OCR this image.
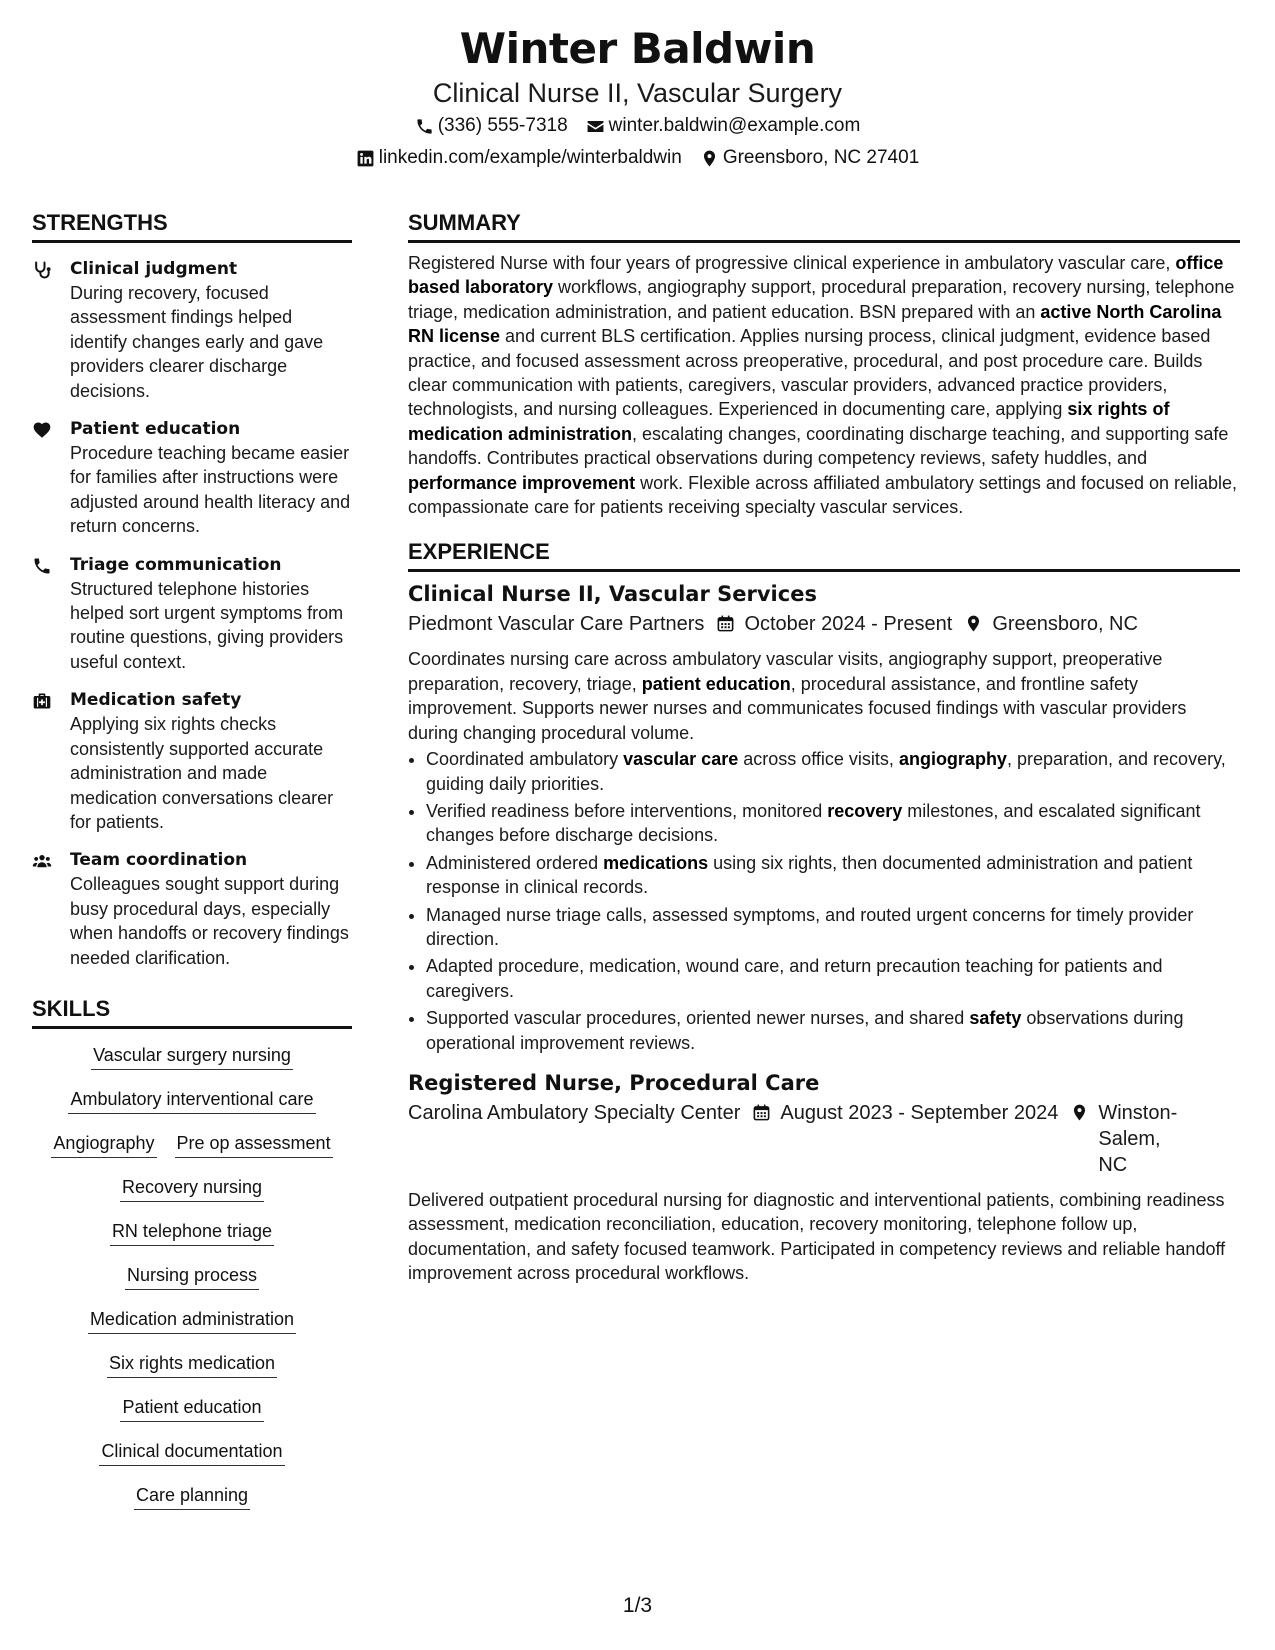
Winter Baldwin
Clinical Nurse II, Vascular Surgery
(336) 555-7318 winter.baldwin@example.com
linkedin.com/example/winterbaldwin Greensboro, NC 27401
STRENGTHS
Clinical judgment
During recovery, focused assessment findings helped identify changes early and gave providers clearer discharge decisions.
Patient education
Procedure teaching became easier for families after instructions were adjusted around health literacy and return concerns.
Triage communication
Structured telephone histories helped sort urgent symptoms from routine questions, giving providers useful context.
Medication safety
Applying six rights checks consistently supported accurate administration and made medication conversations clearer for patients.
Team coordination
Colleagues sought support during busy procedural days, especially when handoffs or recovery findings needed clarification.
SKILLS
Vascular surgery nursing
Ambulatory interventional care
Angiography Pre op assessment
Recovery nursing
RN telephone triage
Nursing process
Medication administration
Six rights medication
Patient education
Clinical documentation
Care planning
SUMMARY

Registered Nurse with four years of progressive clinical experience in ambulatory vascular care, office based laboratory workflows, angiography support, procedural preparation, recovery nursing, telephone triage, medication administration, and patient education. BSN prepared with an active North Carolina RN license and current BLS certification. Applies nursing process, clinical judgment, evidence based practice, and focused assessment across preoperative, procedural, and post procedure care. Builds clear communication with patients, caregivers, vascular providers, advanced practice providers, technologists, and nursing colleagues. Experienced in documenting care, applying six rights of medication administration, escalating changes, coordinating discharge teaching, and supporting safe handoffs. Contributes practical observations during competency reviews, safety huddles, and performance improvement work. Flexible across affiliated ambulatory settings and focused on reliable, compassionate care for patients receiving specialty vascular services.

EXPERIENCE
Clinical Nurse II, Vascular Services
Piedmont Vascular Care Partners October 2024 - Present Greensboro, NC
Coordinates nursing care across ambulatory vascular visits, angiography support, preoperative preparation, recovery, triage, patient education, procedural assistance, and frontline safety improvement. Supports newer nurses and communicates focused findings with vascular providers during changing procedural volume.
• Coordinated ambulatory vascular care across office visits, angiography, preparation, and recovery, guiding daily priorities.
• Verified readiness before interventions, monitored recovery milestones, and escalated significant changes before discharge decisions.
• Administered ordered medications using six rights, then documented administration and patient response in clinical records.
• Managed nurse triage calls, assessed symptoms, and routed urgent concerns for timely provider direction.
• Adapted procedure, medication, wound care, and return precaution teaching for patients and caregivers.
• Supported vascular procedures, oriented newer nurses, and shared safety observations during operational improvement reviews.
Registered Nurse, Procedural Care
Carolina Ambulatory Specialty Center August 2023 - September 2024 Winston-Salem, NC
Delivered outpatient procedural nursing for diagnostic and interventional patients, combining readiness assessment, medication reconciliation, education, recovery monitoring, telephone follow up, documentation, and safety focused teamwork. Participated in competency reviews and reliable handoff improvement across procedural workflows.
1/3
